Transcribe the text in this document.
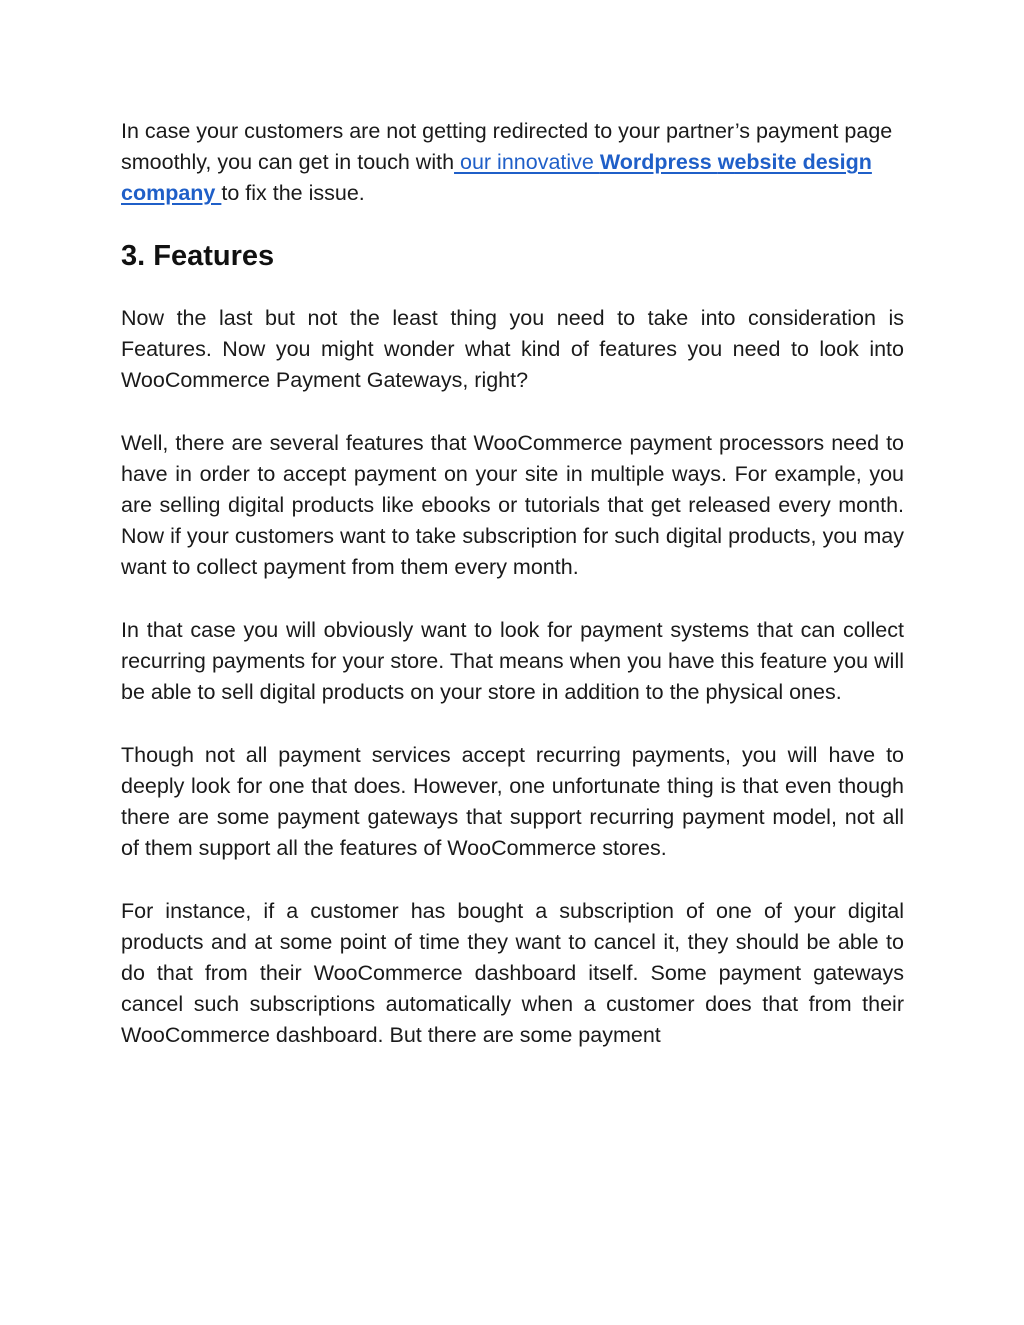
In case your customers are not getting redirected to your partner’s payment page smoothly, you can get in touch with our innovative Wordpress website design company to fix the issue.

3. Features

Now the last but not the least thing you need to take into consideration is Features. Now you might wonder what kind of features you need to look into WooCommerce Payment Gateways, right?

Well, there are several features that WooCommerce payment processors need to have in order to accept payment on your site in multiple ways. For example, you are selling digital products like ebooks or tutorials that get released every month. Now if your customers want to take subscription for such digital products, you may want to collect payment from them every month.

In that case you will obviously want to look for payment systems that can collect recurring payments for your store. That means when you have this feature you will be able to sell digital products on your store in addition to the physical ones.

Though not all payment services accept recurring payments, you will have to deeply look for one that does. However, one unfortunate thing is that even though there are some payment gateways that support recurring payment model, not all of them support all the features of WooCommerce stores.

For instance, if a customer has bought a subscription of one of your digital products and at some point of time they want to cancel it, they should be able to do that from their WooCommerce dashboard itself. Some payment gateways cancel such subscriptions automatically when a customer does that from their WooCommerce dashboard. But there are some payment
